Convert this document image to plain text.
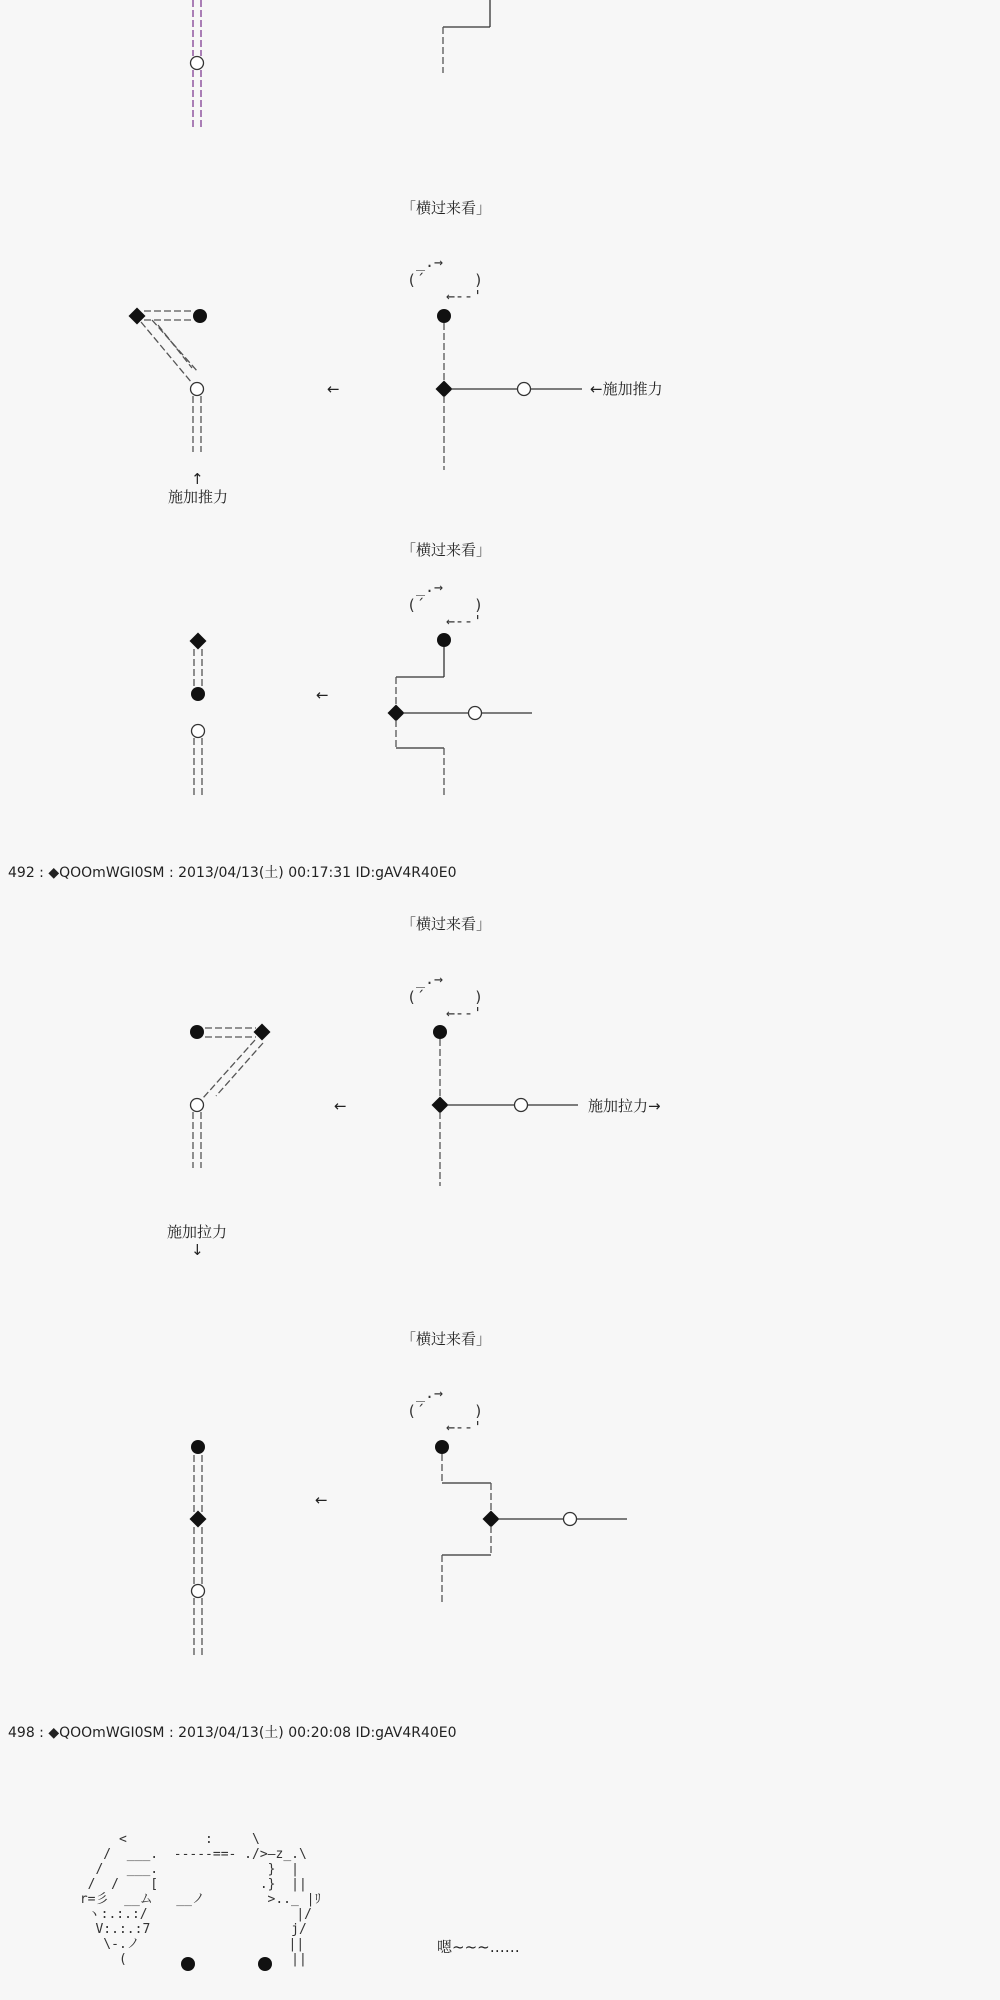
「横过来看」
「横过来看」
「横过来看」
「横过来看」
_.→
(´	)
←--'
_.→
(´	)
←--'
_.→
(´	)
←--'
_.→
(´	)
←--'
←	←施加推力
↑
施加推力
←
←	施加拉力→
施加拉力
↓
←
492 : ◆QOOmWGI0SM : 2013/04/13(土) 00:17:31 ID:gAV4R40E0
498 : ◆QOOmWGI0SM : 2013/04/13(土) 00:20:08 ID:gAV4R40E0
<          :     \
/  ___.  -----==- ./>—z_.\
/   ___.              }  |
/  /    [             .}  ||
r=彡  __ム   __ノ        >.._ |ﾘ
ヽ:.:.:/                   |/
V:.:.:7                  j/
\-.ノ                   ||
(                     ||
嗯~~~……
